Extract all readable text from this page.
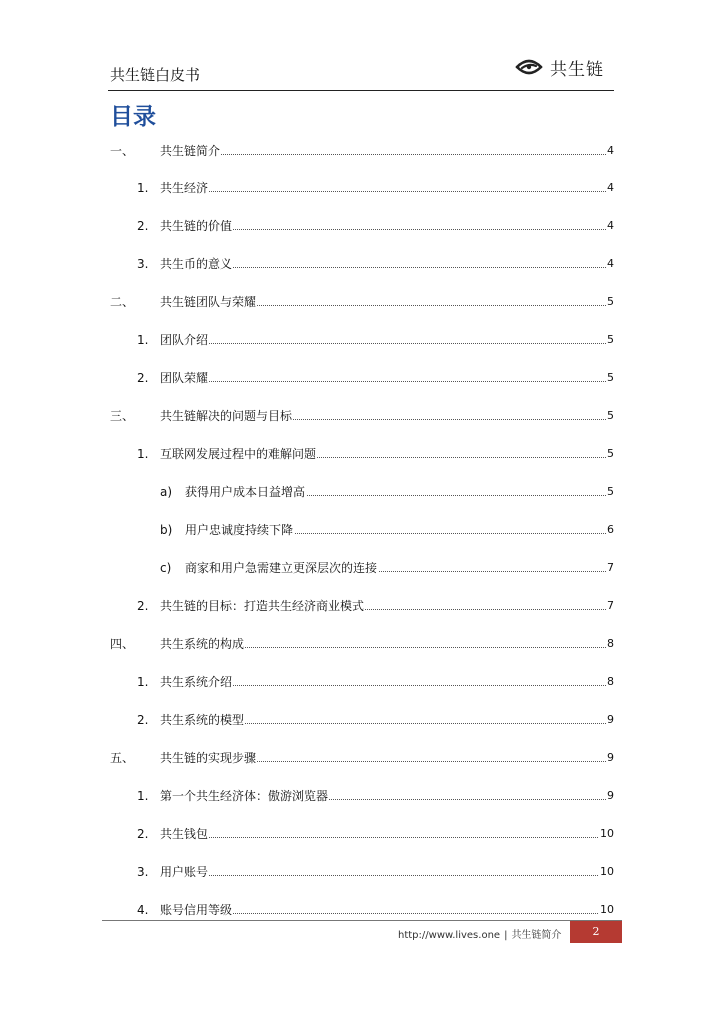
共生链白皮书	共生链
目录
一、 共生链简介	4
1. 共生经济	4
2. 共生链的价值	4
3. 共生币的意义	4
二、 共生链团队与荣耀	5
1. 团队介绍	5
2. 团队荣耀	5
三、 共生链解决的问题与目标	5
1. 互联网发展过程中的难解问题	5
a) 获得用户成本日益增高	5
b) 用户忠诚度持续下降	6
c) 商家和用户急需建立更深层次的连接	7
2. 共生链的目标：打造共生经济商业模式	7
四、 共生系统的构成	8
1. 共生系统介绍	8
2. 共生系统的模型	9
五、 共生链的实现步骤	9
1. 第一个共生经济体：傲游浏览器	9
2. 共生钱包	10
3. 用户账号	10
4. 账号信用等级	10
http://www.lives.one | 共生链简介	2
